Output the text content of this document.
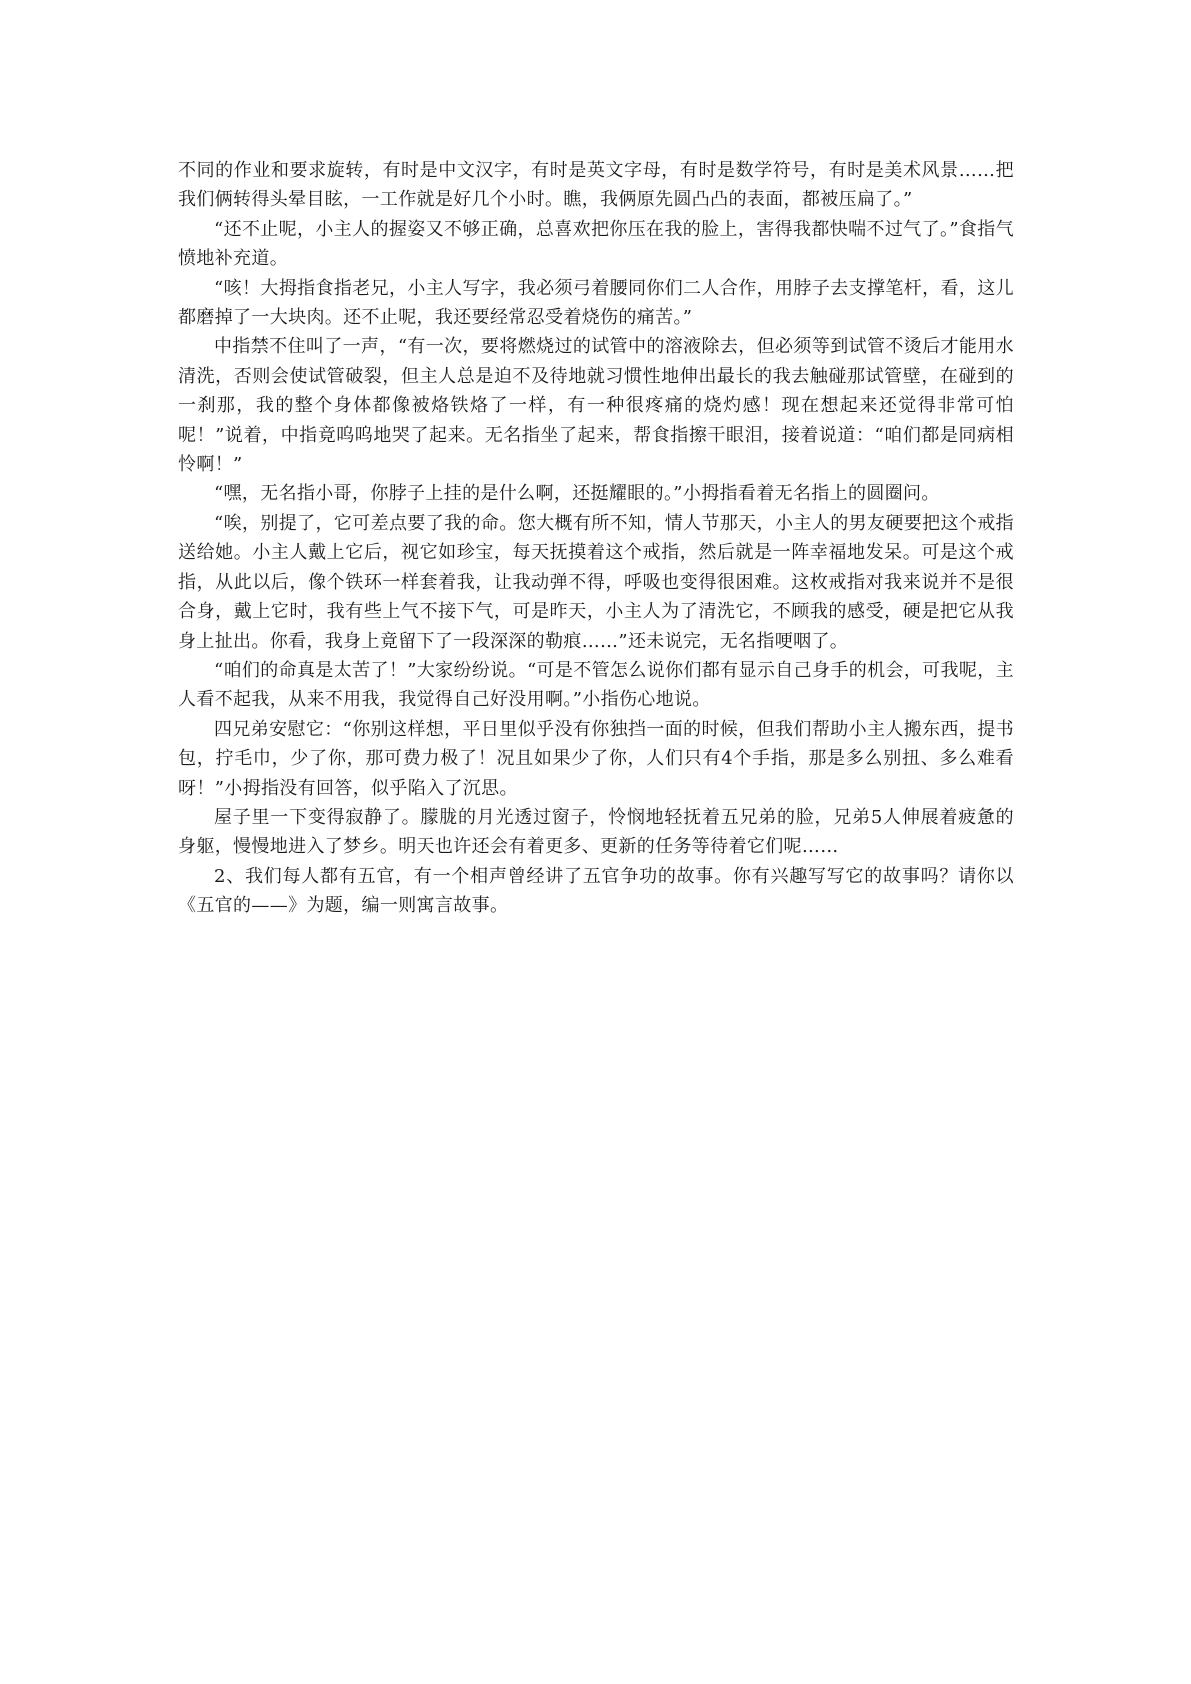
不同的作业和要求旋转，有时是中文汉字，有时是英文字母，有时是数学符号，有时是美术风景……把我们俩转得头晕目眩，一工作就是好几个小时。瞧，我俩原先圆凸凸的表面，都被压扁了。”

“还不止呢，小主人的握姿又不够正确，总喜欢把你压在我的脸上，害得我都快喘不过气了。”食指气愤地补充道。

“咳！大拇指食指老兄，小主人写字，我必须弓着腰同你们二人合作，用脖子去支撑笔杆，看，这儿都磨掉了一大块肉。还不止呢，我还要经常忍受着烧伤的痛苦。”

中指禁不住叫了一声，“有一次，要将燃烧过的试管中的溶液除去，但必须等到试管不烫后才能用水清洗，否则会使试管破裂，但主人总是迫不及待地就习惯性地伸出最长的我去触碰那试管壁，在碰到的一刹那，我的整个身体都像被烙铁烙了一样，有一种很疼痛的烧灼感！现在想起来还觉得非常可怕呢！”说着，中指竟呜呜地哭了起来。无名指坐了起来，帮食指擦干眼泪，接着说道：“咱们都是同病相怜啊！”

“嘿，无名指小哥，你脖子上挂的是什么啊，还挺耀眼的。”小拇指看着无名指上的圆圈问。

“唉，别提了，它可差点要了我的命。您大概有所不知，情人节那天，小主人的男友硬要把这个戒指送给她。小主人戴上它后，视它如珍宝，每天抚摸着这个戒指，然后就是一阵幸福地发呆。可是这个戒指，从此以后，像个铁环一样套着我，让我动弹不得，呼吸也变得很困难。这枚戒指对我来说并不是很合身，戴上它时，我有些上气不接下气，可是昨天，小主人为了清洗它，不顾我的感受，硬是把它从我身上扯出。你看，我身上竟留下了一段深深的勒痕……”还未说完，无名指哽咽了。

“咱们的命真是太苦了！”大家纷纷说。“可是不管怎么说你们都有显示自己身手的机会，可我呢，主人看不起我，从来不用我，我觉得自己好没用啊。”小指伤心地说。

四兄弟安慰它：“你别这样想，平日里似乎没有你独挡一面的时候，但我们帮助小主人搬东西，提书包，拧毛巾，少了你，那可费力极了！况且如果少了你，人们只有4个手指，那是多么别扭、多么难看呀！”小拇指没有回答，似乎陷入了沉思。

屋子里一下变得寂静了。朦胧的月光透过窗子，怜悯地轻抚着五兄弟的脸，兄弟5人伸展着疲惫的身躯，慢慢地进入了梦乡。明天也许还会有着更多、更新的任务等待着它们呢……

2、我们每人都有五官，有一个相声曾经讲了五官争功的故事。你有兴趣写写它的故事吗？请你以《五官的——》为题，编一则寓言故事。
